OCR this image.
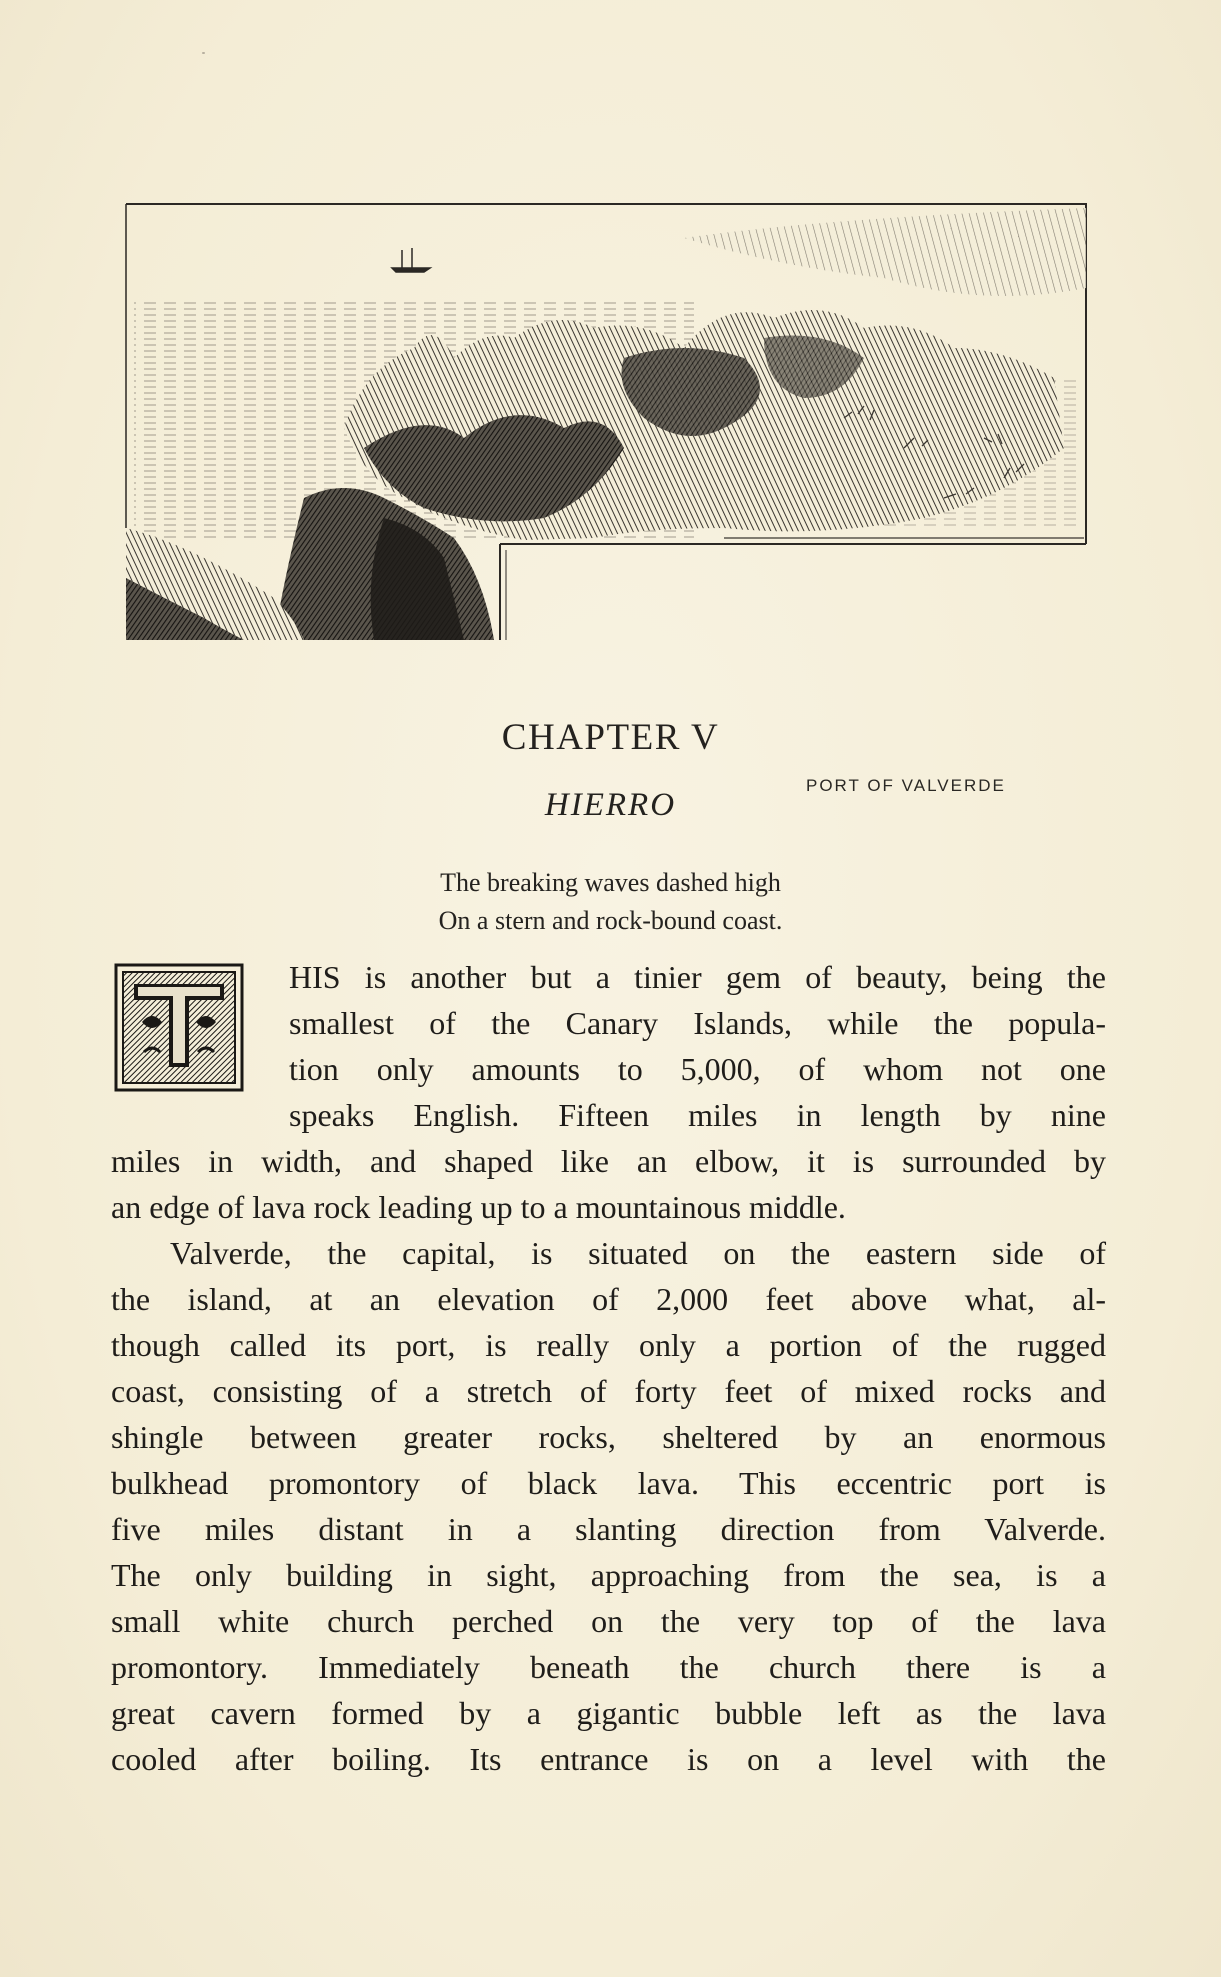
PORT OF VALVERDE
CHAPTER V
HIERRO
The breaking waves dashed high
On a stern and rock-bound coast.
HIS is another but a tinier gem of beauty, being the
smallest of the Canary Islands, while the popula-
tion only amounts to 5,000, of whom not one
speaks English. Fifteen miles in length by nine
miles in width, and shaped like an elbow, it is surrounded by
an edge of lava rock leading up to a mountainous middle.
Valverde, the capital, is situated on the eastern side of
the island, at an elevation of 2,000 feet above what, al-
though called its port, is really only a portion of the rugged
coast, consisting of a stretch of forty feet of mixed rocks and
shingle between greater rocks, sheltered by an enormous
bulkhead promontory of black lava. This eccentric port is
five miles distant in a slanting direction from Valverde.
The only building in sight, approaching from the sea, is a
small white church perched on the very top of the lava
promontory. Immediately beneath the church there is a
great cavern formed by a gigantic bubble left as the lava
cooled after boiling. Its entrance is on a level with the
